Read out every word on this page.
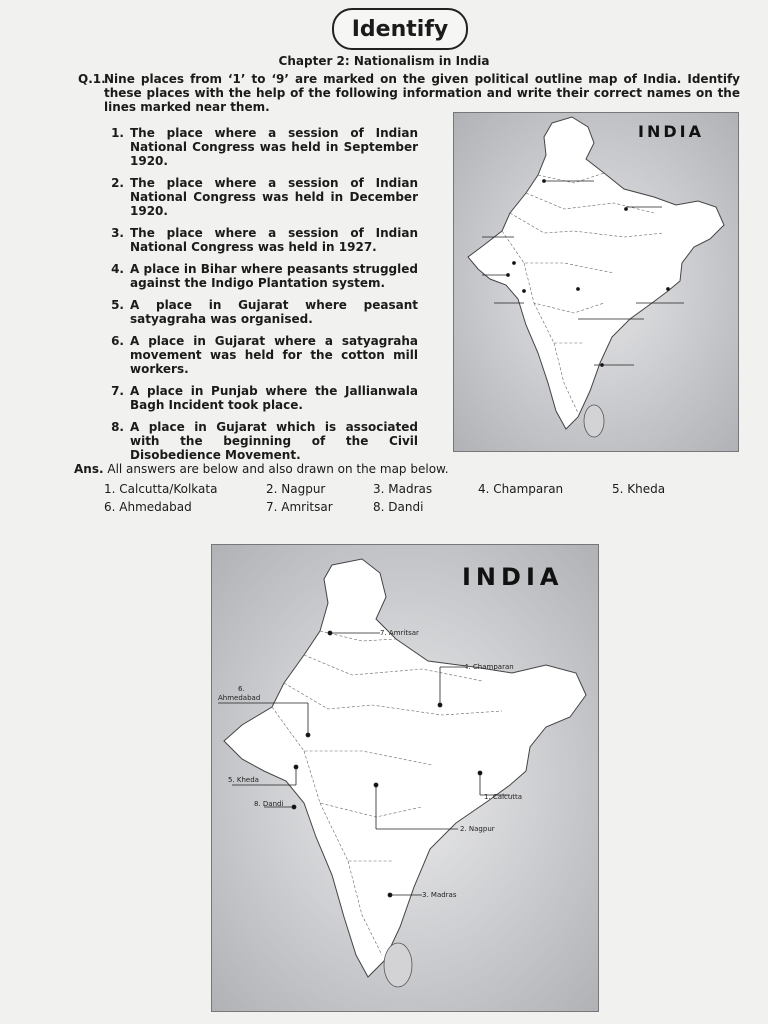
Identify
Chapter 2: Nationalism in India
Q.1.
Nine places from ‘1’ to ‘9’ are marked on the given political outline map of India. Identify these places with the help of the following information and write their correct names on the lines marked near them.
1. The place where a session of Indian National Congress was held in September 1920.
2. The place where a session of Indian National Congress was held in December 1920.
3. The place where a session of Indian National Congress was held in 1927.
4. A place in Bihar where peasants struggled against the Indigo Plantation system.
5. A place in Gujarat where peasant satyagraha was organised.
6. A place in Gujarat where a satyagraha movement was held for the cotton mill workers.
7. A place in Punjab where the Jallianwala Bagh Incident took place.
8. A place in Gujarat which is associated with the beginning of the Civil Disobedience Movement.
INDIA
Ans. All answers are below and also drawn on the map below.
1. Calcutta/Kolkata	2. Nagpur	3. Madras	4. Champaran	5. Kheda
6. Ahmedabad	7. Amritsar	8. Dandi
7. Amritsar
4. Champaran
6.
Ahmedabad
5. Kheda
8. Dandi
1. Calcutta
2. Nagpur
3. Madras
INDIA
